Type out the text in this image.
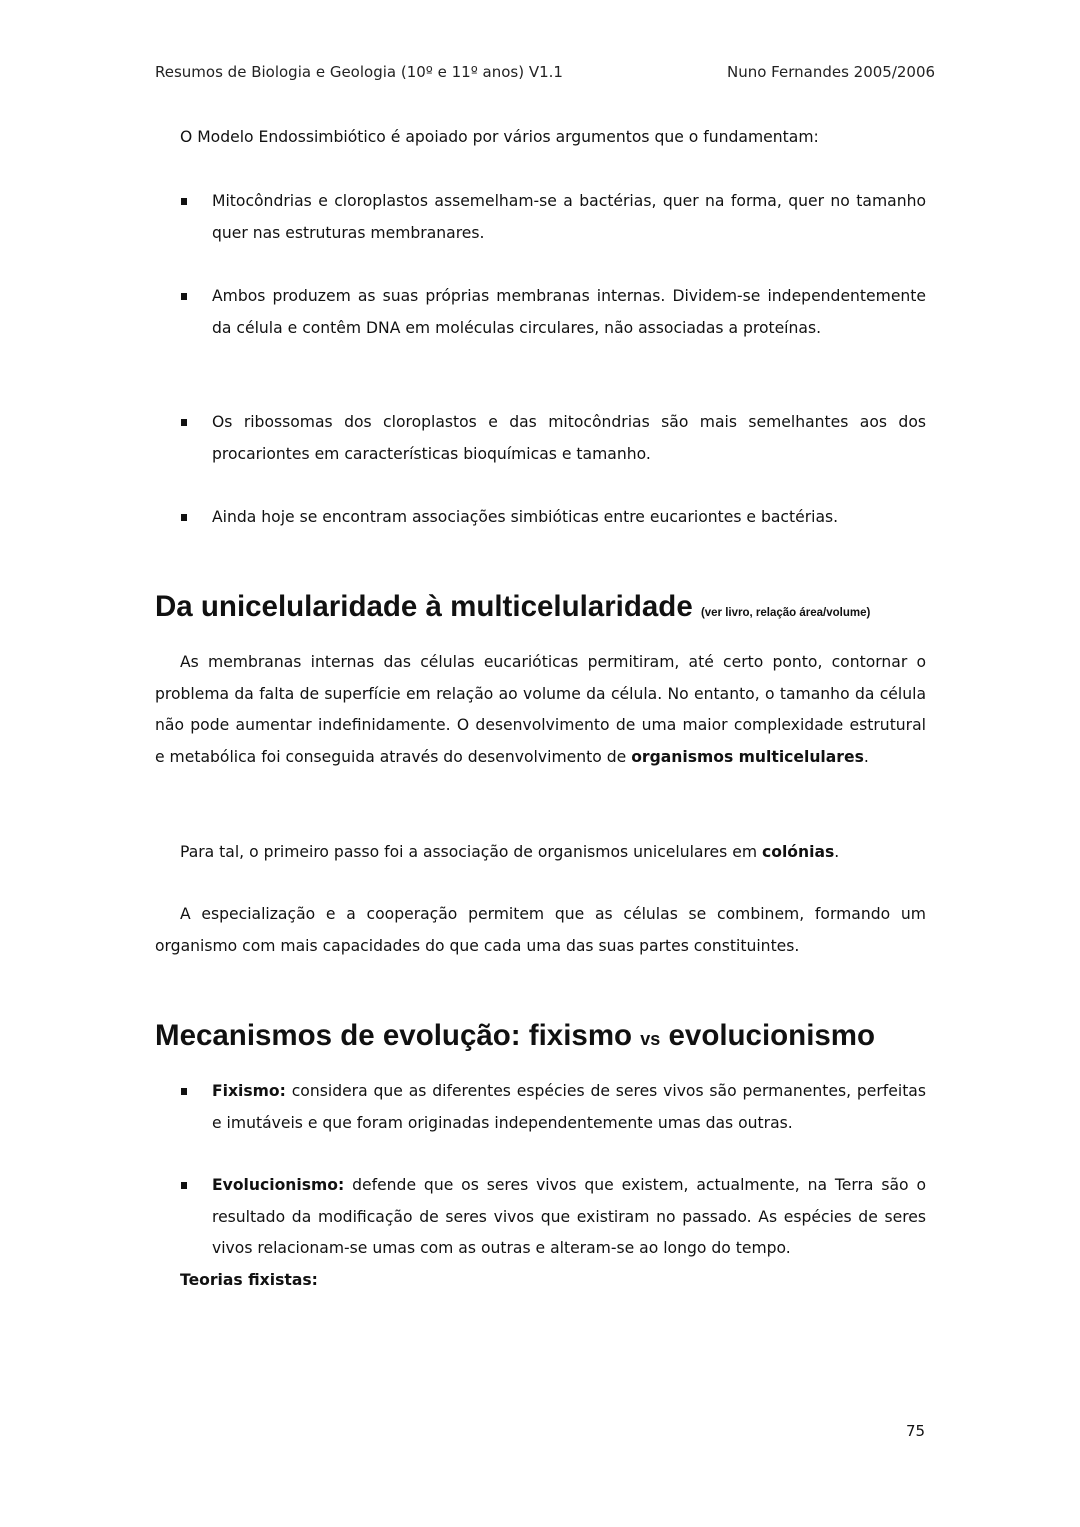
Resumos de Biologia e Geologia (10º e 11º anos) V1.1	Nuno Fernandes 2005/2006
O Modelo Endossimbiótico é apoiado por vários argumentos que o fundamentam:
Mitocôndrias e cloroplastos assemelham-se a bactérias, quer na forma, quer no tamanho quer nas estruturas membranares.
Ambos produzem as suas próprias membranas internas. Dividem-se independentemente da célula e contêm DNA em moléculas circulares, não associadas a proteínas.
Os ribossomas dos cloroplastos e das mitocôndrias são mais semelhantes aos dos procariontes em características bioquímicas e tamanho.
Ainda hoje se encontram associações simbióticas entre eucariontes e bactérias.
Da unicelularidade à multicelularidade (ver livro, relação área/volume)
As membranas internas das células eucarióticas permitiram, até certo ponto, contornar o problema da falta de superfície em relação ao volume da célula. No entanto, o tamanho da célula não pode aumentar indefinidamente. O desenvolvimento de uma maior complexidade estrutural e metabólica foi conseguida através do desenvolvimento de organismos multicelulares.
Para tal, o primeiro passo foi a associação de organismos unicelulares em colónias.
A especialização e a cooperação permitem que as células se combinem, formando um organismo com mais capacidades do que cada uma das suas partes constituintes.
Mecanismos de evolução: fixismo vs evolucionismo
Fixismo: considera que as diferentes espécies de seres vivos são permanentes, perfeitas e imutáveis e que foram originadas independentemente umas das outras.
Evolucionismo: defende que os seres vivos que existem, actualmente, na Terra são o resultado da modificação de seres vivos que existiram no passado. As espécies de seres vivos relacionam-se umas com as outras e alteram-se ao longo do tempo.
Teorias fixistas:
75
